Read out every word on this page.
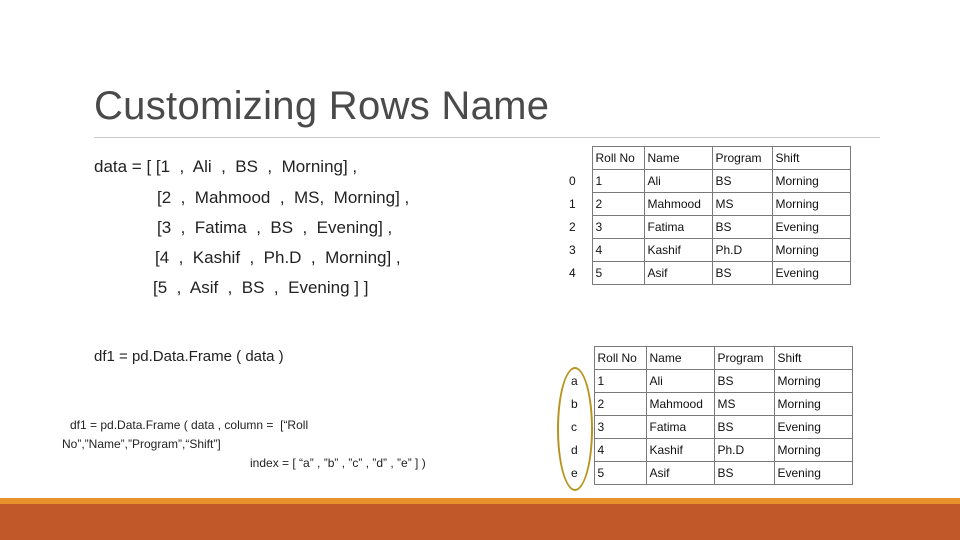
Customizing Rows Name
data = [ [1  ,  Ali  ,  BS  ,  Morning] ,
[2  ,  Mahmood  ,  MS,  Morning] ,
[3  ,  Fatima  ,  BS  ,  Evening] ,
[4  ,  Kashif  ,  Ph.D  ,  Morning] ,
[5  ,  Asif  ,  BS  ,  Evening ] ]
df1 = pd.Data.Frame ( data )
df1 = pd.Data.Frame ( data , column =  [“Roll
No”,”Name”,”Program”,“Shift”]
index = [ “a” , ”b” , ”c” , ”d” , ”e” ] )
	Roll No	Name	Program	Shift
0	1	Ali	BS	Morning
1	2	Mahmood	MS	Morning
2	3	Fatima	BS	Evening
3	4	Kashif	Ph.D	Morning
4	5	Asif	BS	Evening
	Roll No	Name	Program	Shift
a	1	Ali	BS	Morning
b	2	Mahmood	MS	Morning
c	3	Fatima	BS	Evening
d	4	Kashif	Ph.D	Morning
e	5	Asif	BS	Evening
